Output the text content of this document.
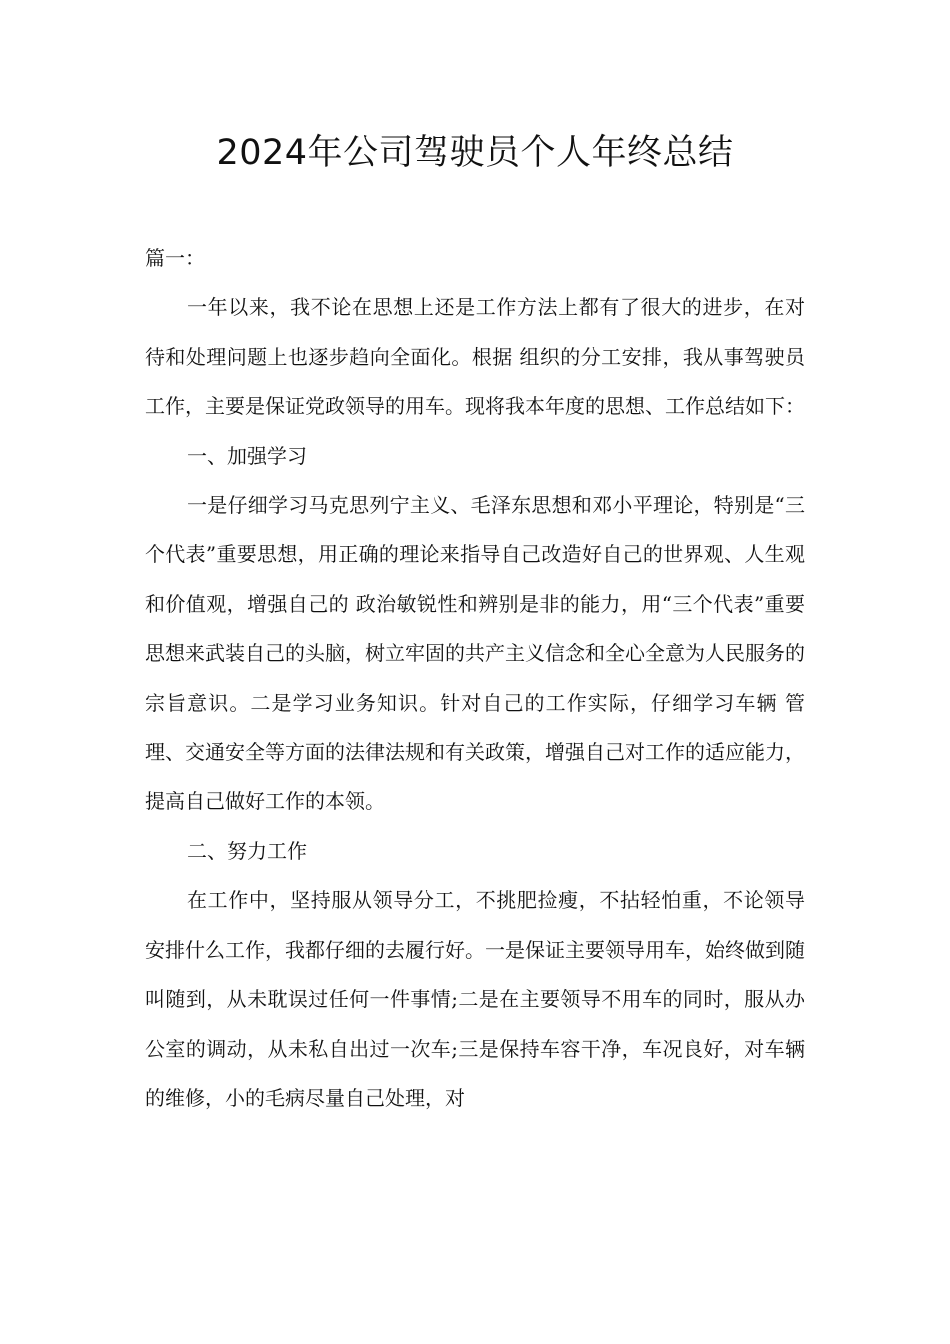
2024年公司驾驶员个人年终总结

篇一：

一年以来，我不论在思想上还是工作方法上都有了很大的进步，在对待和处理问题上也逐步趋向全面化。根据 组织的分工安排，我从事驾驶员工作，主要是保证党政领导的用车。现将我本年度的思想、工作总结如下：

一、加强学习

一是仔细学习马克思列宁主义、毛泽东思想和邓小平理论，特别是“三个代表”重要思想，用正确的理论来指导自己改造好自己的世界观、人生观和价值观，增强自己的 政治敏锐性和辨别是非的能力，用“三个代表”重要思想来武装自己的头脑，树立牢固的共产主义信念和全心全意为人民服务的宗旨意识。二是学习业务知识。针对自己的工作实际，仔细学习车辆 管理、交通安全等方面的法律法规和有关政策，增强自己对工作的适应能力，提高自己做好工作的本领。

二、努力工作

在工作中，坚持服从领导分工，不挑肥捡瘦，不拈轻怕重，不论领导安排什么工作，我都仔细的去履行好。一是保证主要领导用车，始终做到随叫随到，从未耽误过任何一件事情;二是在主要领导不用车的同时，服从办公室的调动，从未私自出过一次车;三是保持车容干净，车况良好，对车辆的维修，小的毛病尽量自己处理，对
